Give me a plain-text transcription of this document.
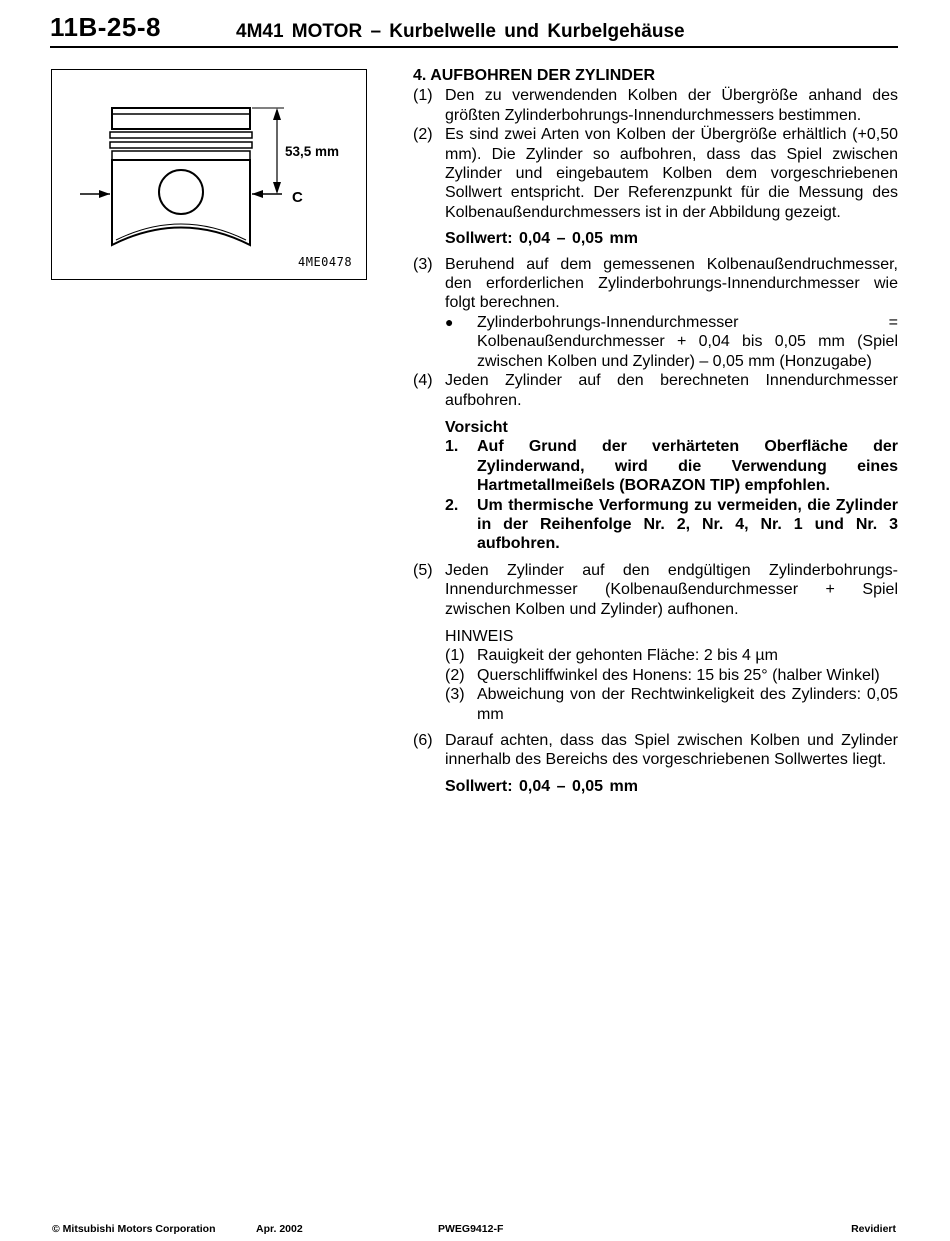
11B-25-8	4M41 MOTOR – Kurbelwelle und Kurbelgehäuse
53,5 mm
C
4ME0478
4. AUFBOHREN DER ZYLINDER
(1) Den zu verwendenden Kolben der Übergröße anhand des größten Zylinderbohrungs-Innendurchmessers bestimmen.
(2) Es sind zwei Arten von Kolben der Übergröße erhältlich (+0,50 mm). Die Zylinder so aufbohren, dass das Spiel zwischen Zylinder und eingebautem Kolben dem vorgeschriebenen Sollwert entspricht. Der Referenzpunkt für die Messung des Kolbenaußendurchmessers ist in der Abbildung gezeigt.
Sollwert: 0,04 – 0,05 mm
(3) Beruhend auf dem gemessenen Kolbenaußendruchmesser, den erforderlichen Zylinderbohrungs-Innendurchmesser wie folgt berechnen.
●	Zylinderbohrungs-Innendurchmesser = Kolbenaußendurchmesser + 0,04 bis 0,05 mm (Spiel zwischen Kolben und Zylinder) – 0,05 mm (Honzugabe)
(4) Jeden Zylinder auf den berechneten Innendurchmesser aufbohren.
Vorsicht
1.	Auf Grund der verhärteten Oberfläche der Zylinderwand, wird die Verwendung eines Hartmetallmeißels (BORAZON TIP) empfohlen.
2.	Um thermische Verformung zu vermeiden, die Zylinder in der Reihenfolge Nr. 2, Nr. 4, Nr. 1 und Nr. 3 aufbohren.
(5) Jeden Zylinder auf den endgültigen Zylinderbohrungs-Innendurchmesser (Kolbenaußendurchmesser + Spiel zwischen Kolben und Zylinder) aufhonen.
HINWEIS
(1) Rauigkeit der gehonten Fläche: 2 bis 4 µm
(2) Querschliffwinkel des Honens: 15 bis 25° (halber Winkel)
(3) Abweichung von der Rechtwinkeligkeit des Zylinders: 0,05 mm
(6) Darauf achten, dass das Spiel zwischen Kolben und Zylinder innerhalb des Bereichs des vorgeschriebenen Sollwertes liegt.
Sollwert: 0,04 – 0,05 mm
© Mitsubishi Motors Corporation	Apr. 2002	PWEG9412-F	Revidiert
